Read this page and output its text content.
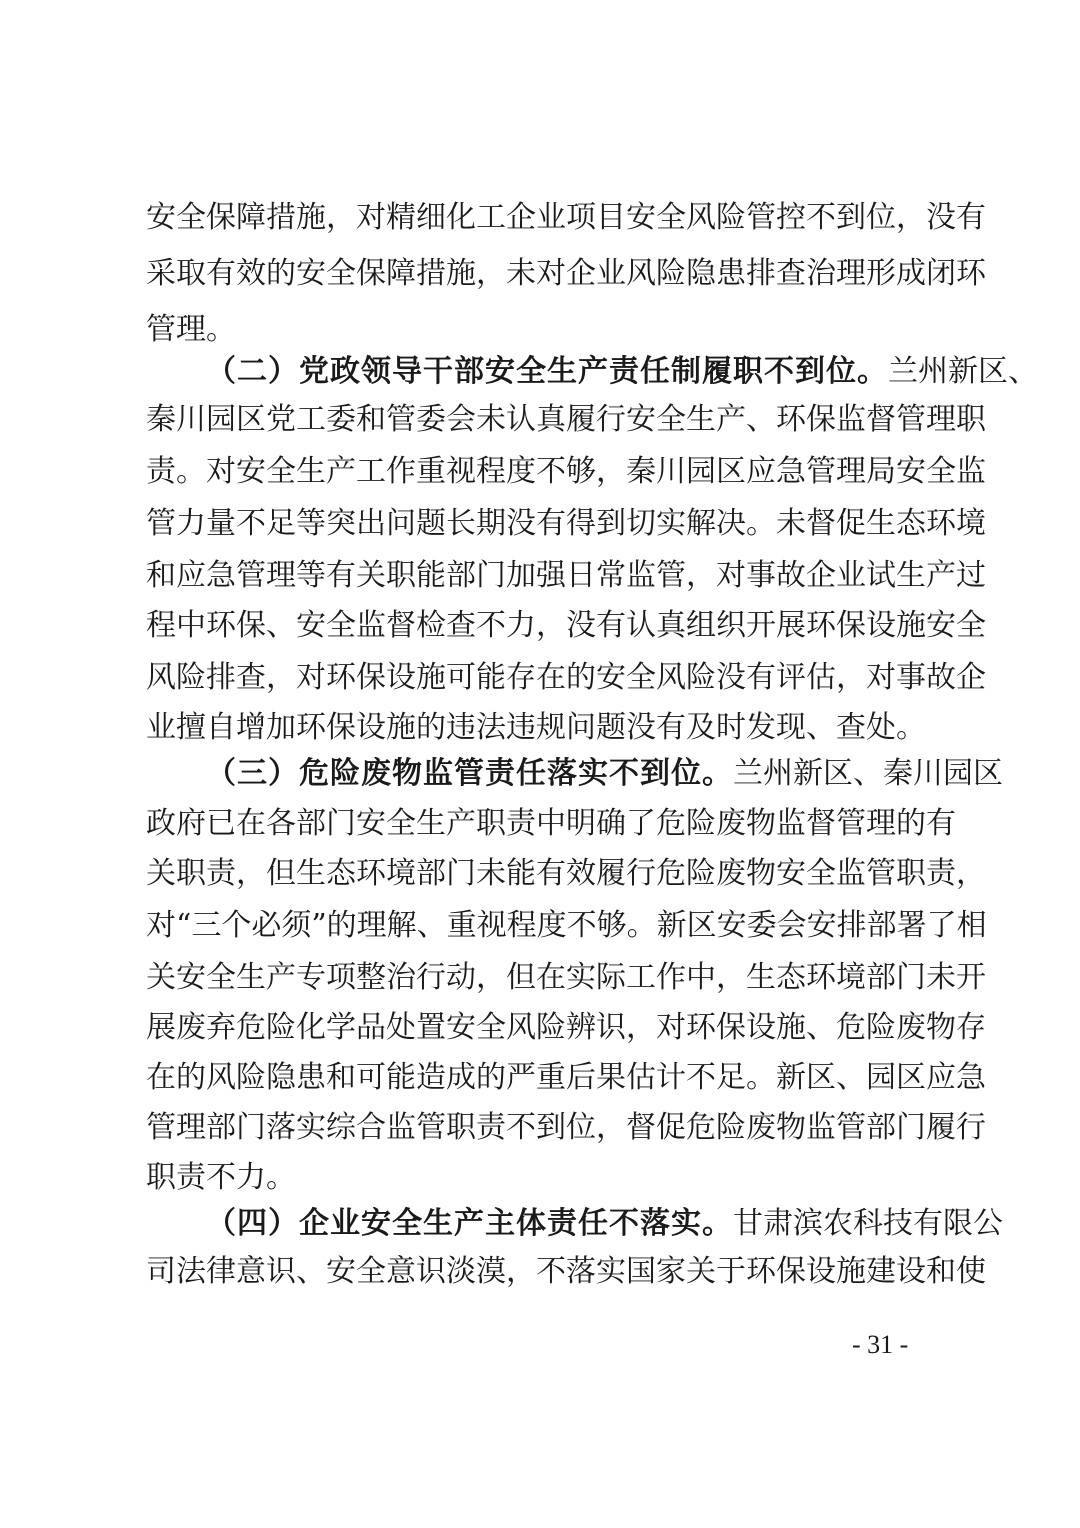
安全保障措施，对精细化工企业项目安全风险管控不到位，没有
采取有效的安全保障措施，未对企业风险隐患排查治理形成闭环
管理。
（二）党政领导干部安全生产责任制履职不到位。兰州新区、
秦川园区党工委和管委会未认真履行安全生产、环保监督管理职
责。对安全生产工作重视程度不够，秦川园区应急管理局安全监
管力量不足等突出问题长期没有得到切实解决。未督促生态环境
和应急管理等有关职能部门加强日常监管，对事故企业试生产过
程中环保、安全监督检查不力，没有认真组织开展环保设施安全
风险排查，对环保设施可能存在的安全风险没有评估，对事故企
业擅自增加环保设施的违法违规问题没有及时发现、查处。
（三）危险废物监管责任落实不到位。兰州新区、秦川园区
政府已在各部门安全生产职责中明确了危险废物监督管理的有
关职责，但生态环境部门未能有效履行危险废物安全监管职责，
对“三个必须”的理解、重视程度不够。新区安委会安排部署了相
关安全生产专项整治行动，但在实际工作中，生态环境部门未开
展废弃危险化学品处置安全风险辨识，对环保设施、危险废物存
在的风险隐患和可能造成的严重后果估计不足。新区、园区应急
管理部门落实综合监管职责不到位，督促危险废物监管部门履行
职责不力。
（四）企业安全生产主体责任不落实。甘肃滨农科技有限公
司法律意识、安全意识淡漠，不落实国家关于环保设施建设和使
- 31 -
